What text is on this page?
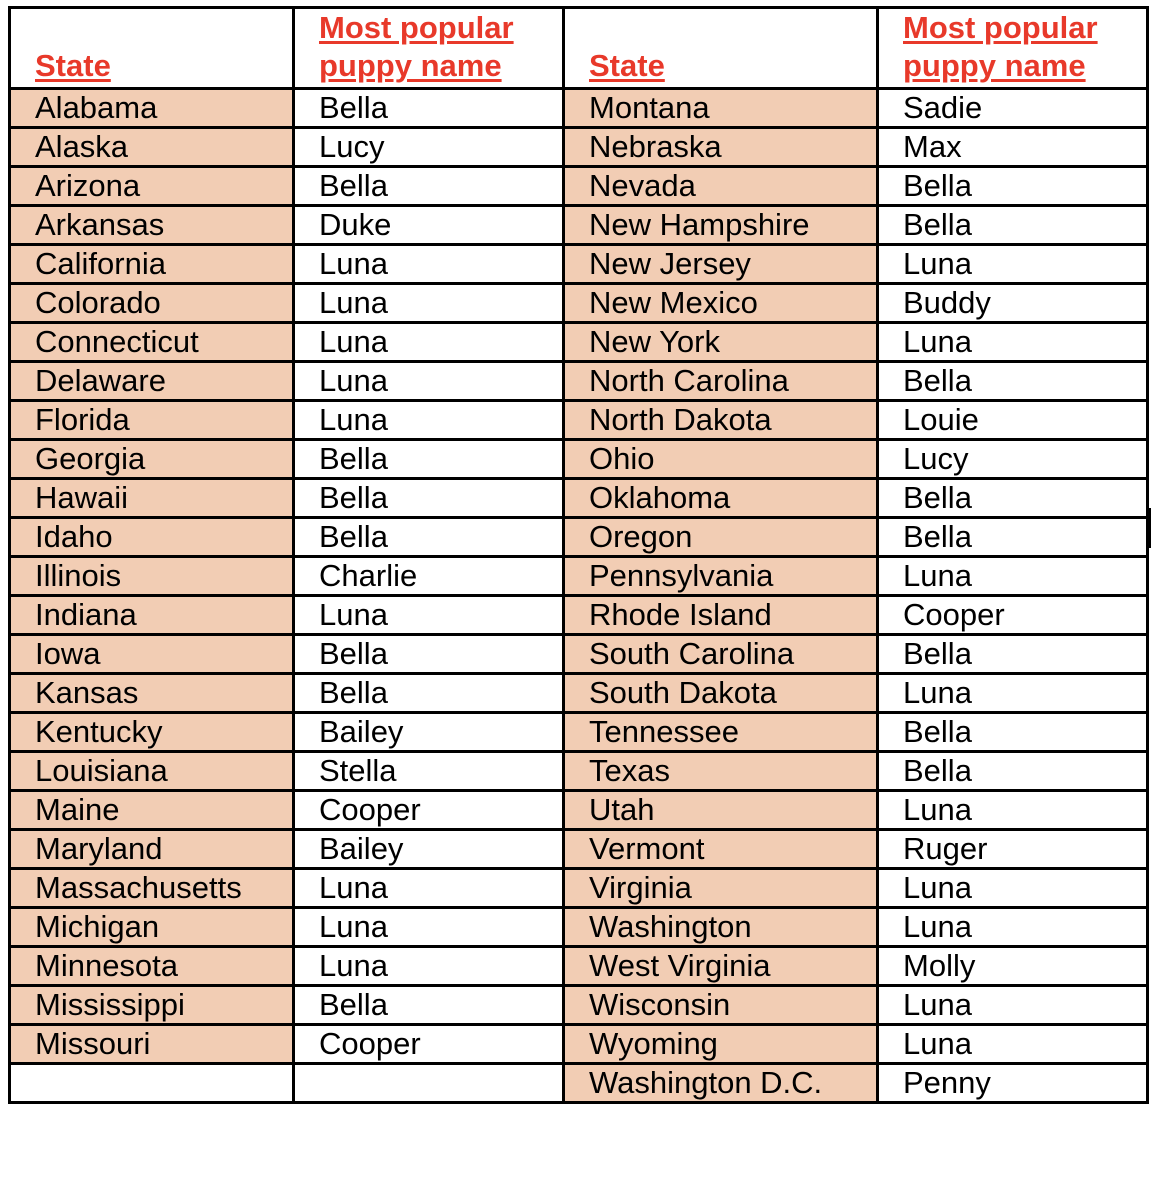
State	Most popular puppy name	State	Most popular puppy name
Alabama	Bella	Montana	Sadie
Alaska	Lucy	Nebraska	Max
Arizona	Bella	Nevada	Bella
Arkansas	Duke	New Hampshire	Bella
California	Luna	New Jersey	Luna
Colorado	Luna	New Mexico	Buddy
Connecticut	Luna	New York	Luna
Delaware	Luna	North Carolina	Bella
Florida	Luna	North Dakota	Louie
Georgia	Bella	Ohio	Lucy
Hawaii	Bella	Oklahoma	Bella
Idaho	Bella	Oregon	Bella
Illinois	Charlie	Pennsylvania	Luna
Indiana	Luna	Rhode Island	Cooper
Iowa	Bella	South Carolina	Bella
Kansas	Bella	South Dakota	Luna
Kentucky	Bailey	Tennessee	Bella
Louisiana	Stella	Texas	Bella
Maine	Cooper	Utah	Luna
Maryland	Bailey	Vermont	Ruger
Massachusetts	Luna	Virginia	Luna
Michigan	Luna	Washington	Luna
Minnesota	Luna	West Virginia	Molly
Mississippi	Bella	Wisconsin	Luna
Missouri	Cooper	Wyoming	Luna
		Washington D.C.	Penny
